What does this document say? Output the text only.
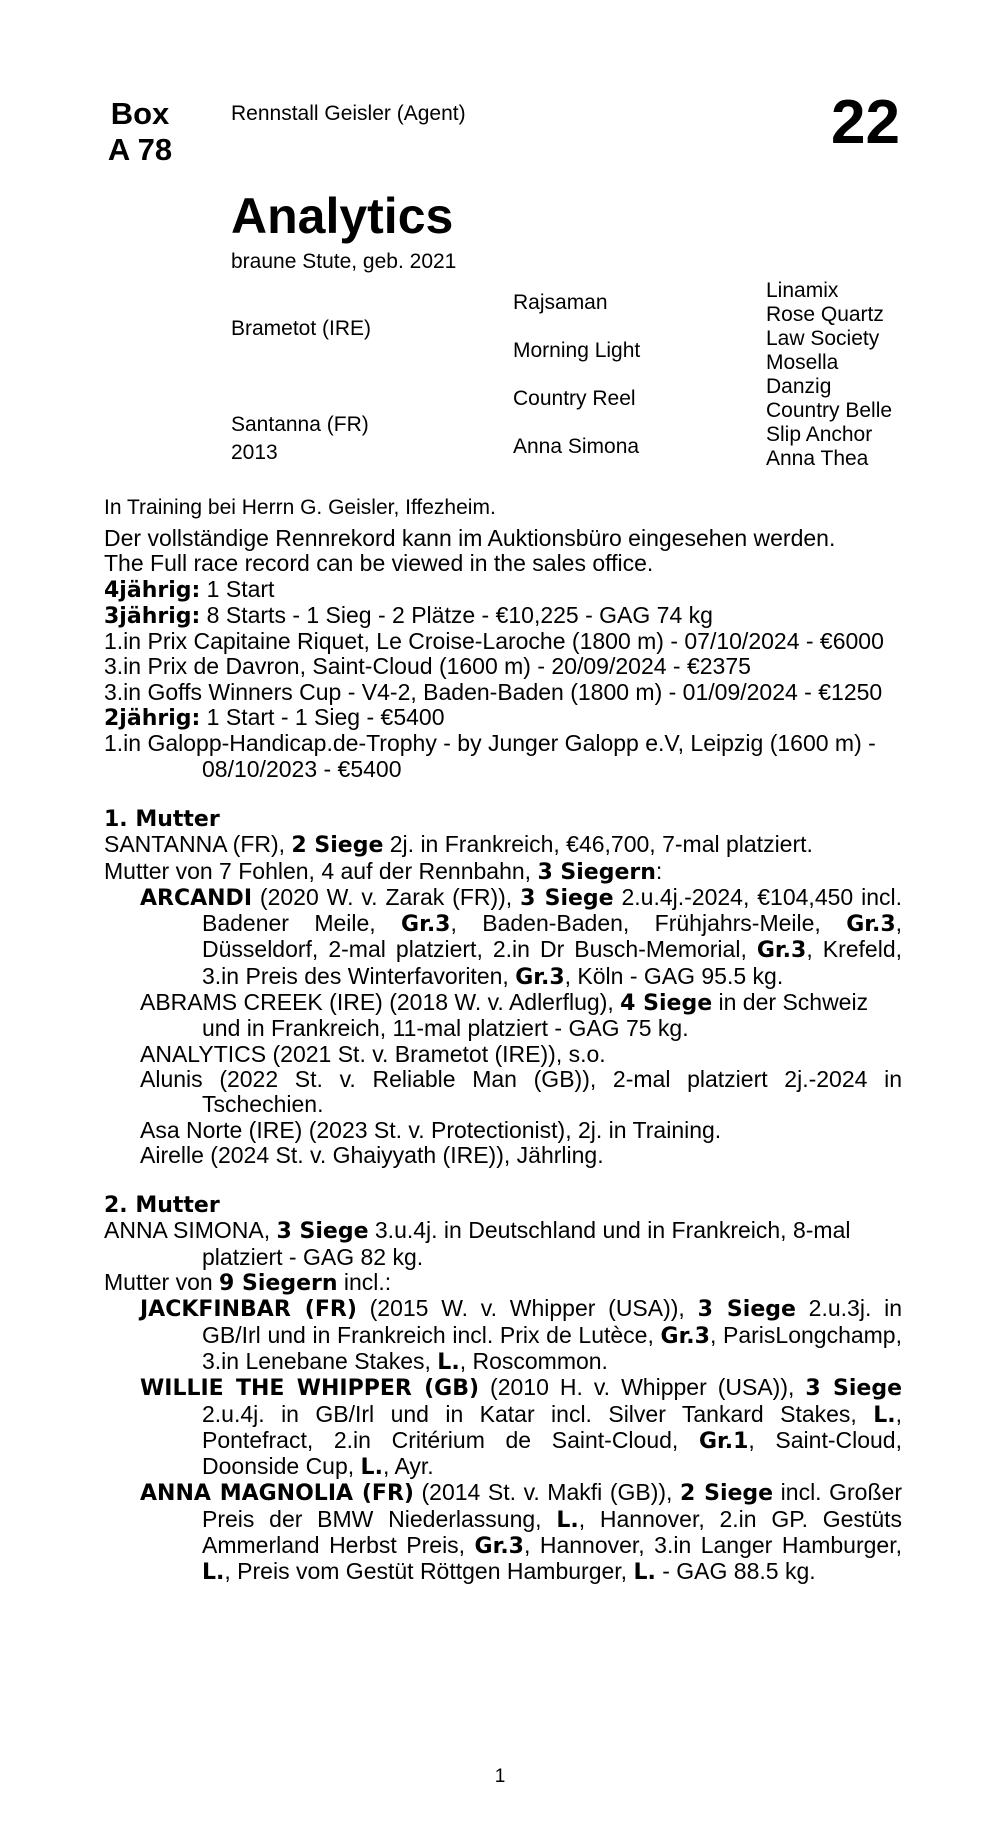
Box
A 78
Rennstall Geisler (Agent)	22
Analytics
braune Stute, geb. 2021
Brametot (IRE)
Santanna (FR)
2013
Rajsaman
Morning Light
Country Reel
Anna Simona
Linamix
Rose Quartz
Law Society
Mosella
Danzig
Country Belle
Slip Anchor
Anna Thea
In Training bei Herrn G. Geisler, Iffezheim.

Der vollständige Rennrekord kann im Auktionsbüro eingesehen werden.

The Full race record can be viewed in the sales office.

4jährig: 1 Start

3jährig: 8 Starts - 1 Sieg - 2 Plätze - €10,225 - GAG 74 kg

1.in Prix Capitaine Riquet, Le Croise-Laroche (1800 m) - 07/10/2024 - €6000

3.in Prix de Davron, Saint-Cloud (1600 m) - 20/09/2024 - €2375

3.in Goffs Winners Cup - V4-2, Baden-Baden (1800 m) - 01/09/2024 - €1250

2jährig: 1 Start - 1 Sieg - €5400

1.in Galopp-Handicap.de-Trophy - by Junger Galopp e.V, Leipzig (1600 m) - 08/10/2023 - €5400

1. Mutter

SANTANNA (FR), 2 Siege 2j. in Frankreich, €46,700, 7-mal platziert.

Mutter von 7 Fohlen, 4 auf der Rennbahn, 3 Siegern:

ARCANDI (2020 W. v. Zarak (FR)), 3 Siege 2.u.4j.-2024, €104,450 incl. Badener Meile, Gr.3, Baden-Baden, Frühjahrs-Meile, Gr.3, Düsseldorf, 2-mal platziert, 2.in Dr Busch-Memorial, Gr.3, Krefeld, 3.in Preis des Winterfavoriten, Gr.3, Köln - GAG 95.5 kg.

ABRAMS CREEK (IRE) (2018 W. v. Adlerflug), 4 Siege in der Schweiz und in Frankreich, 11-mal platziert - GAG 75 kg.

ANALYTICS (2021 St. v. Brametot (IRE)), s.o.

Alunis (2022 St. v. Reliable Man (GB)), 2-mal platziert 2j.-2024 in Tschechien.

Asa Norte (IRE) (2023 St. v. Protectionist), 2j. in Training.

Airelle (2024 St. v. Ghaiyyath (IRE)), Jährling.

2. Mutter

ANNA SIMONA, 3 Siege 3.u.4j. in Deutschland und in Frankreich, 8-mal platziert - GAG 82 kg.

Mutter von 9 Siegern incl.:

JACKFINBAR (FR) (2015 W. v. Whipper (USA)), 3 Siege 2.u.3j. in GB/Irl und in Frankreich incl. Prix de Lutèce, Gr.3, ParisLongchamp, 3.in Lenebane Stakes, L., Roscommon.

WILLIE THE WHIPPER (GB) (2010 H. v. Whipper (USA)), 3 Siege 2.u.4j. in GB/Irl und in Katar incl. Silver Tankard Stakes, L., Pontefract, 2.in Critérium de Saint-Cloud, Gr.1, Saint-Cloud, Doonside Cup, L., Ayr.

ANNA MAGNOLIA (FR) (2014 St. v. Makfi (GB)), 2 Siege incl. Großer Preis der BMW Niederlassung, L., Hannover, 2.in GP. Gestüts Ammerland Herbst Preis, Gr.3, Hannover, 3.in Langer Hamburger, L., Preis vom Gestüt Röttgen Hamburger, L. - GAG 88.5 kg.

1
